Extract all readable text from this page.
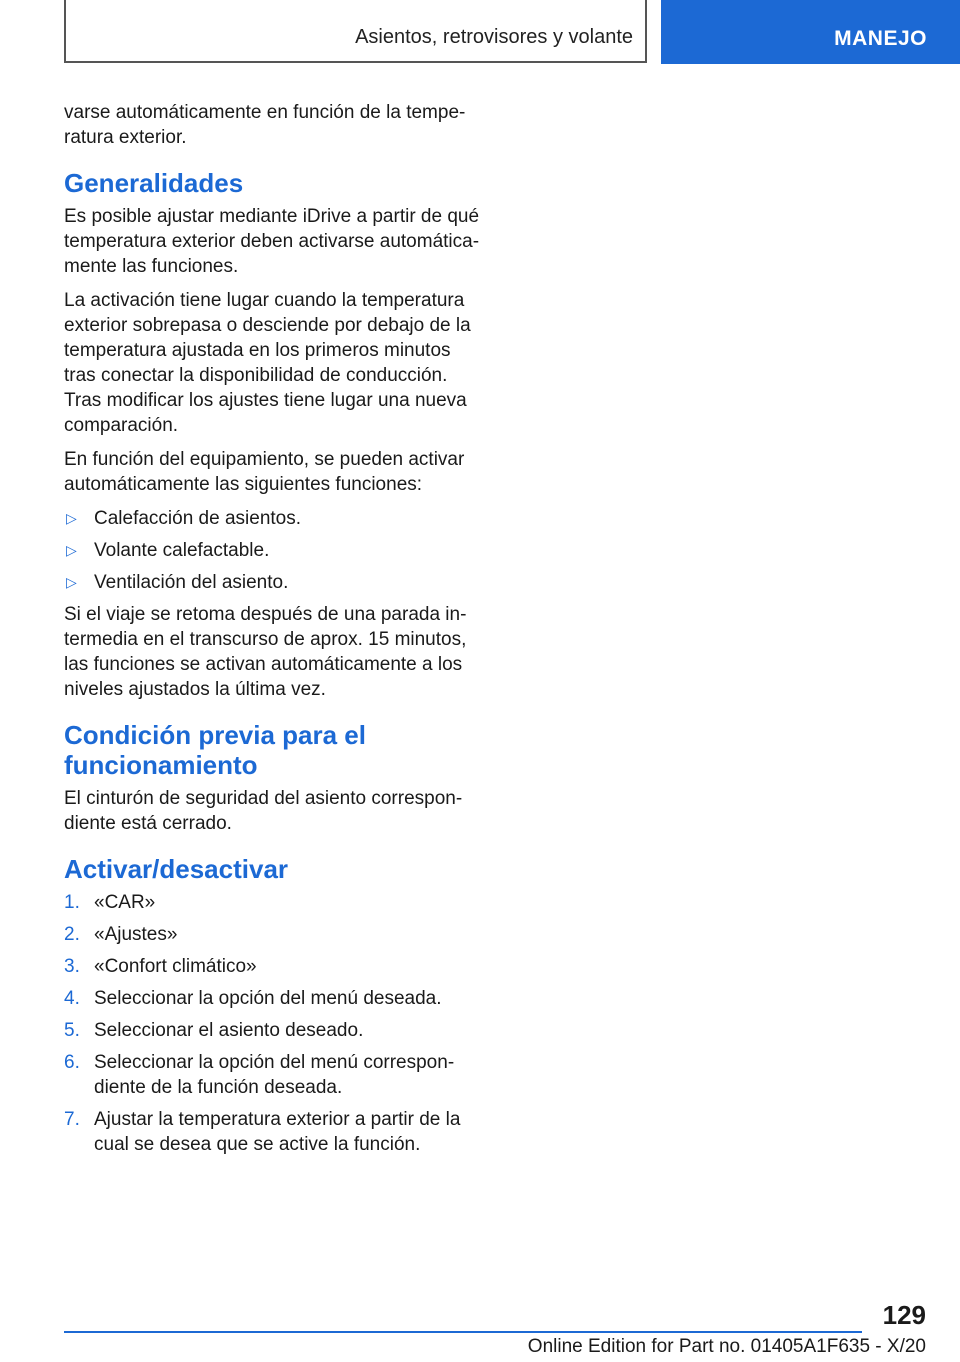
Asientos, retrovisores y volante	MANEJO

varse automáticamente en función de la tempe-ratura exterior.

Generalidades

Es posible ajustar mediante iDrive a partir de qué temperatura exterior deben activarse automática-mente las funciones.

La activación tiene lugar cuando la temperatura exterior sobrepasa o desciende por debajo de la temperatura ajustada en los primeros minutos tras conectar la disponibilidad de conducción. Tras modificar los ajustes tiene lugar una nueva comparación.

En función del equipamiento, se pueden activar automáticamente las siguientes funciones:

▷ Calefacción de asientos.
▷ Volante calefactable.
▷ Ventilación del asiento.

Si el viaje se retoma después de una parada in-termedia en el transcurso de aprox. 15 minutos, las funciones se activan automáticamente a los niveles ajustados la última vez.

Condición previa para el funcionamiento

El cinturón de seguridad del asiento correspon-diente está cerrado.

Activar/desactivar
1. «CAR»
2. «Ajustes»
3. «Confort climático»
4. Seleccionar la opción del menú deseada.
5. Seleccionar el asiento deseado.
6. Seleccionar la opción del menú correspon-diente de la función deseada.
7. Ajustar la temperatura exterior a partir de la cual se desea que se active la función.
129
Online Edition for Part no. 01405A1F635 - X/20
